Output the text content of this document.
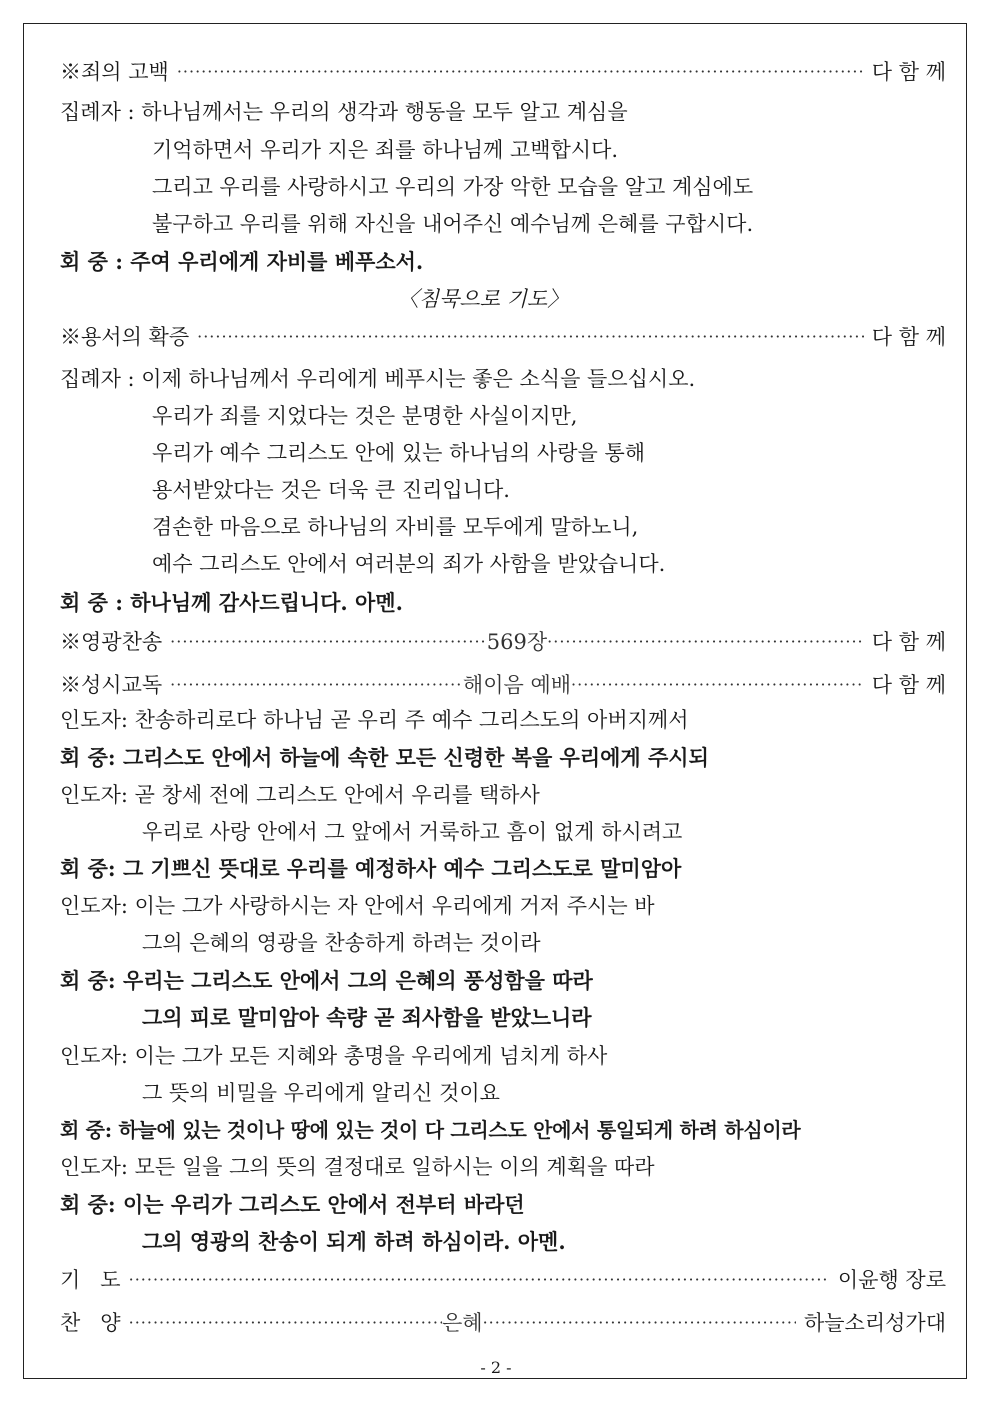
※죄의 고백 ·····	다 함 께
집례자 : 하나님께서는 우리의 생각과 행동을 모두 알고 계심을
기억하면서 우리가 지은 죄를 하나님께 고백합시다.
그리고 우리를 사랑하시고 우리의 가장 악한 모습을 알고 계심에도
불구하고 우리를 위해 자신을 내어주신 예수님께 은혜를 구합시다.
회 중 : 주여 우리에게 자비를 베푸소서.
〈침묵으로 기도〉
※용서의 확증 ·····	다 함 께
집례자 : 이제 하나님께서 우리에게 베푸시는 좋은 소식을 들으십시오.
우리가 죄를 지었다는 것은 분명한 사실이지만,
우리가 예수 그리스도 안에 있는 하나님의 사랑을 통해
용서받았다는 것은 더욱 큰 진리입니다.
겸손한 마음으로 하나님의 자비를 모두에게 말하노니,
예수 그리스도 안에서 여러분의 죄가 사함을 받았습니다.
회 중 : 하나님께 감사드립니다. 아멘.
※영광찬송 ·····	569장 ·····	다 함 께
※성시교독 ·····	해이음 예배 ·····	다 함 께
인도자: 찬송하리로다 하나님 곧 우리 주 예수 그리스도의 아버지께서
회 중: 그리스도 안에서 하늘에 속한 모든 신령한 복을 우리에게 주시되
인도자: 곧 창세 전에 그리스도 안에서 우리를 택하사
우리로 사랑 안에서 그 앞에서 거룩하고 흠이 없게 하시려고
회 중: 그 기쁘신 뜻대로 우리를 예정하사 예수 그리스도로 말미암아
인도자: 이는 그가 사랑하시는 자 안에서 우리에게 거저 주시는 바
그의 은혜의 영광을 찬송하게 하려는 것이라
회 중: 우리는 그리스도 안에서 그의 은혜의 풍성함을 따라
그의 피로 말미암아 속량 곧 죄사함을 받았느니라
인도자: 이는 그가 모든 지혜와 총명을 우리에게 넘치게 하사
그 뜻의 비밀을 우리에게 알리신 것이요
회 중: 하늘에 있는 것이나 땅에 있는 것이 다 그리스도 안에서 통일되게 하려 하심이라
인도자: 모든 일을 그의 뜻의 결정대로 일하시는 이의 계획을 따라
회 중: 이는 우리가 그리스도 안에서 전부터 바라던
그의 영광의 찬송이 되게 하려 하심이라. 아멘.
기   도 ·····	이윤행 장로
찬   양 ·····	은혜 ·····	하늘소리성가대
- 2 -
